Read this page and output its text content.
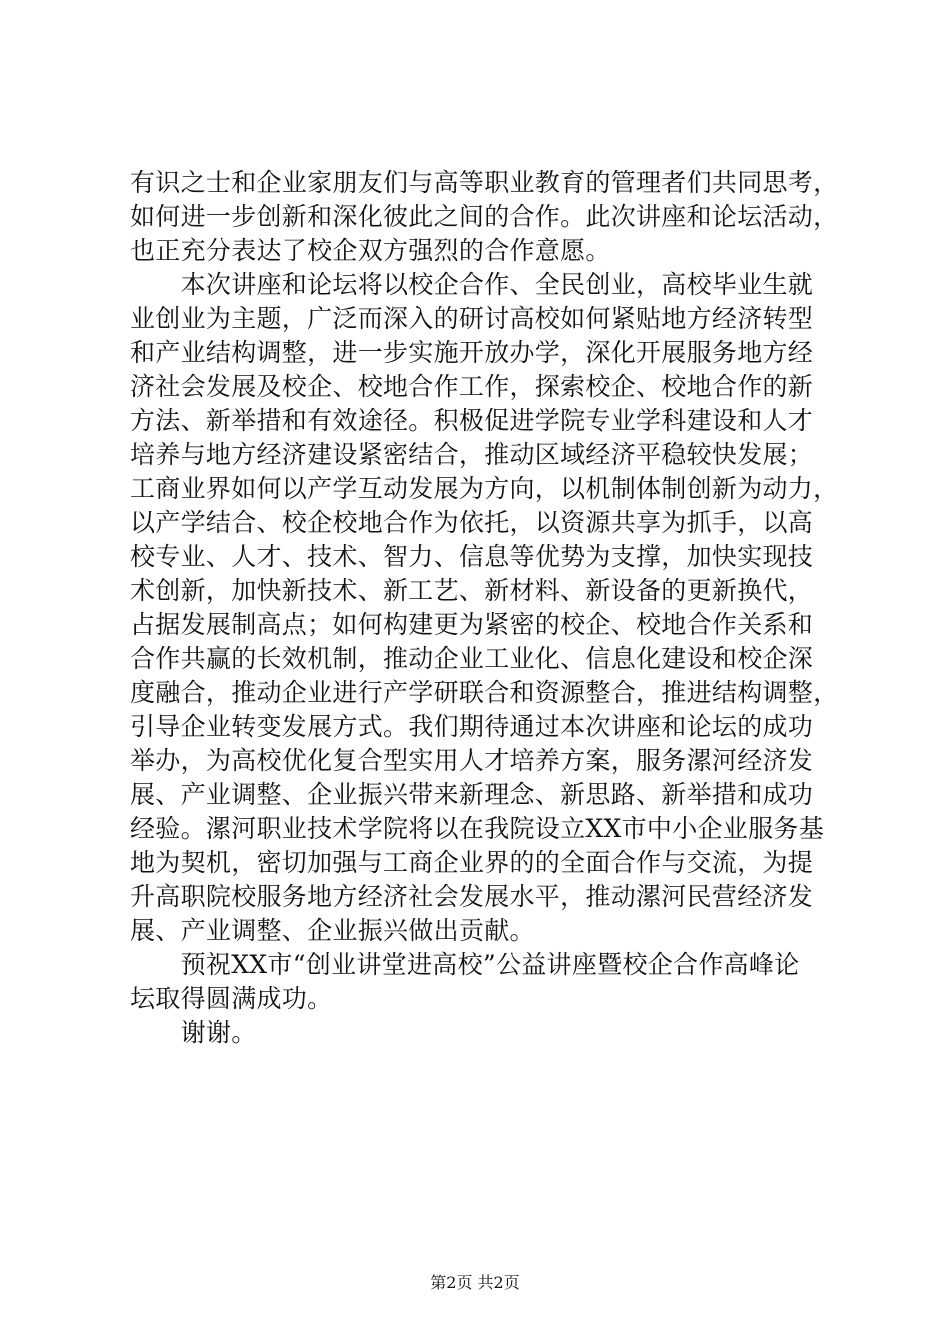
有识之士和企业家朋友们与高等职业教育的管理者们共同思考，
如何进一步创新和深化彼此之间的合作。此次讲座和论坛活动，
也正充分表达了校企双方强烈的合作意愿。
　　本次讲座和论坛将以校企合作、全民创业，高校毕业生就
业创业为主题，广泛而深入的研讨高校如何紧贴地方经济转型
和产业结构调整，进一步实施开放办学，深化开展服务地方经
济社会发展及校企、校地合作工作，探索校企、校地合作的新
方法、新举措和有效途径。积极促进学院专业学科建设和人才
培养与地方经济建设紧密结合，推动区域经济平稳较快发展；
工商业界如何以产学互动发展为方向，以机制体制创新为动力，
以产学结合、校企校地合作为依托，以资源共享为抓手，以高
校专业、人才、技术、智力、信息等优势为支撑，加快实现技
术创新，加快新技术、新工艺、新材料、新设备的更新换代，
占据发展制高点；如何构建更为紧密的校企、校地合作关系和
合作共赢的长效机制，推动企业工业化、信息化建设和校企深
度融合，推动企业进行产学研联合和资源整合，推进结构调整，
引导企业转变发展方式。我们期待通过本次讲座和论坛的成功
举办，为高校优化复合型实用人才培养方案，服务漯河经济发
展、产业调整、企业振兴带来新理念、新思路、新举措和成功
经验。漯河职业技术学院将以在我院设立XX市中小企业服务基
地为契机，密切加强与工商企业界的的全面合作与交流，为提
升高职院校服务地方经济社会发展水平，推动漯河民营经济发
展、产业调整、企业振兴做出贡献。
　　预祝XX市“创业讲堂进高校”公益讲座暨校企合作高峰论
坛取得圆满成功。
　　谢谢。
第2页 共2页
